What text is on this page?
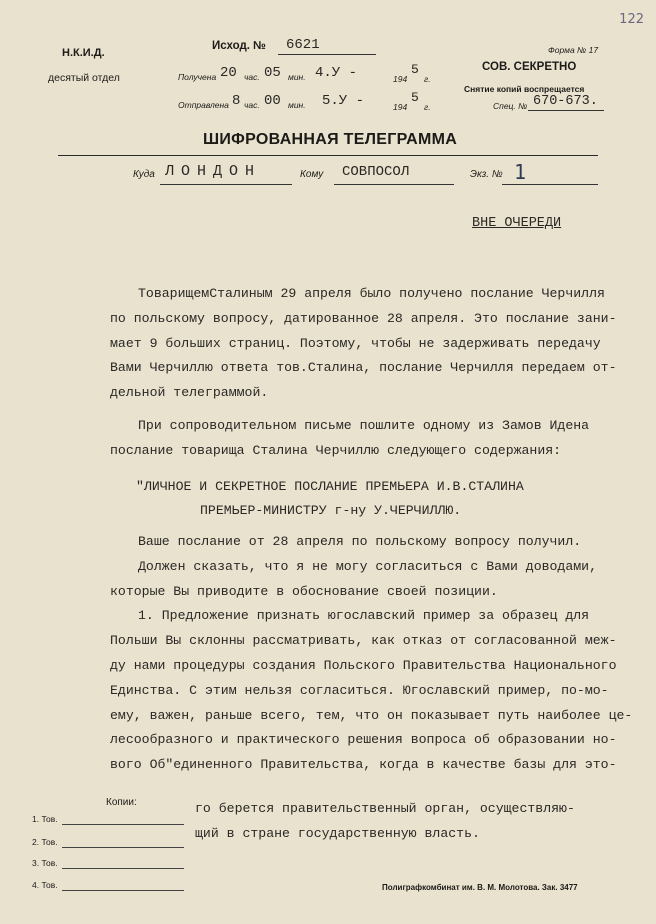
122
Н.К.И.Д.
десятый отдел
Исход. № 6621
Получена 20 час. 05 мин. 4.У -	194
5
г.
Отправлена 8 час. 00 мин. 5.У -	194
5
г.
Форма № 17
СОВ. СЕКРЕТНО
Снятие копий воспрещается
Спец. № 670-673.
ШИФРОВАННАЯ ТЕЛЕГРАММА
Куда ЛОНДОН	Кому СОВПОСОЛ	Экз. № 1
ВНЕ ОЧЕРЕДИ
ТоварищемСталиным 29 апреля было получено послание Черчилля
по польскому вопросу, датированное 28 апреля. Это послание зани-
мает 9 больших страниц. Поэтому, чтобы не задерживать передачу
Вами Черчиллю ответа тов.Сталина, послание Черчилля передаем от-
дельной телеграммой.
При сопроводительном письме пошлите одному из Замов Идена
послание товарища Сталина Черчиллю следующего содержания:
"ЛИЧНОЕ И СЕКРЕТНОЕ ПОСЛАНИЕ ПРЕМЬЕРА И.В.СТАЛИНА
ПРЕМЬЕР-МИНИСТРУ г-ну У.ЧЕРЧИЛЛЮ.
Ваше послание от 28 апреля по польскому вопросу получил.
Должен сказать, что я не могу согласиться с Вами доводами,
которые Вы приводите в обоснование своей позиции.
1. Предложение признать югославский пример за образец для
Польши Вы склонны рассматривать, как отказ от согласованной меж-
ду нами процедуры создания Польского Правительства Национального
Единства. С этим нельзя согласиться. Югославский пример, по-мо-
ему, важен, раньше всего, тем, что он показывает путь наиболее це-
лесообразного и практического решения вопроса об образовании но-
вого Об"единенного Правительства, когда в качестве базы для это-
го берется правительственный орган, осуществляю-
щий в стране государственную власть.
Копии:
1. Тов.
2. Тов.
3. Тов.
4. Тов.	Полиграфкомбинат им. В. М. Молотова. Зак. 3477
